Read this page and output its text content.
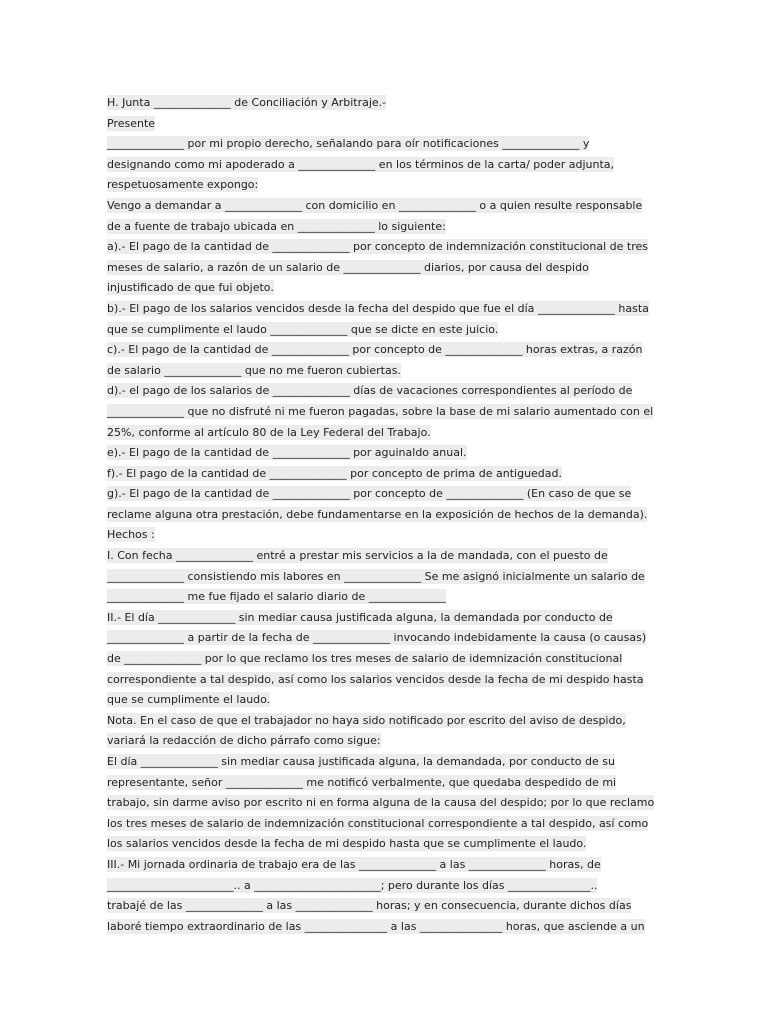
H. Junta ______________ de Conciliación y Arbitraje.-
Presente
______________ por mi propio derecho, señalando para oír notificaciones ______________ y
designando como mi apoderado a ______________ en los términos de la carta/ poder adjunta,
respetuosamente expongo:
Vengo a demandar a ______________ con domicilio en ______________ o a quien resulte responsable
de a fuente de trabajo ubicada en ______________ lo siguiente:
a).- El pago de la cantidad de ______________ por concepto de indemnización constitucional de tres
meses de salario, a razón de un salario de ______________ diarios, por causa del despido
injustificado de que fui objeto.
b).- El pago de los salarios vencidos desde la fecha del despido que fue el día ______________ hasta
que se cumplimente el laudo ______________ que se dicte en este juicio.
c).- El pago de la cantidad de ______________ por concepto de ______________ horas extras, a razón
de salario ______________ que no me fueron cubiertas.
d).- el pago de los salarios de ______________ días de vacaciones correspondientes al período de
______________ que no disfruté ni me fueron pagadas, sobre la base de mi salario aumentado con el
25%, conforme al artículo 80 de la Ley Federal del Trabajo.
e).- El pago de la cantidad de ______________ por aguinaldo anual.
f).- El pago de la cantidad de ______________ por concepto de prima de antiguedad.
g).- El pago de la cantidad de ______________ por concepto de ______________ (En caso de que se
reclame alguna otra prestación, debe fundamentarse en la exposición de hechos de la demanda).
Hechos :
I. Con fecha ______________ entré a prestar mis servicios a la de mandada, con el puesto de
______________ consistiendo mis labores en ______________ Se me asignó inicialmente un salario de
______________ me fue fijado el salario diario de ______________
II.- El día ______________ sin mediar causa justificada alguna, la demandada por conducto de
______________ a partir de la fecha de ______________ invocando indebidamente la causa (o causas)
de ______________ por lo que reclamo los tres meses de salario de idemnización constitucional
correspondiente a tal despido, así como los salarios vencidos desde la fecha de mi despido hasta
que se cumplimente el laudo.
Nota. En el caso de que el trabajador no haya sido notificado por escrito del aviso de despido,
variará la redacción de dicho párrafo como sigue:
El día ______________ sin mediar causa justificada alguna, la demandada, por conducto de su
representante, señor ______________ me notificó verbalmente, que quedaba despedido de mi
trabajo, sin darme aviso por escrito ni en forma alguna de la causa del despido; por lo que reclamo
los tres meses de salario de indemnización constitucional correspondiente a tal despido, así como
los salarios vencidos desde la fecha de mi despido hasta que se cumplimente el laudo.
III.- Mi jornada ordinaria de trabajo era de las ______________ a las ______________ horas, de
_______________________.. a _______________________; pero durante los días _______________..
trabajé de las ______________ a las ______________ horas; y en consecuencia, durante dichos días
laboré tiempo extraordinario de las _______________ a las _______________ horas, que asciende a un
